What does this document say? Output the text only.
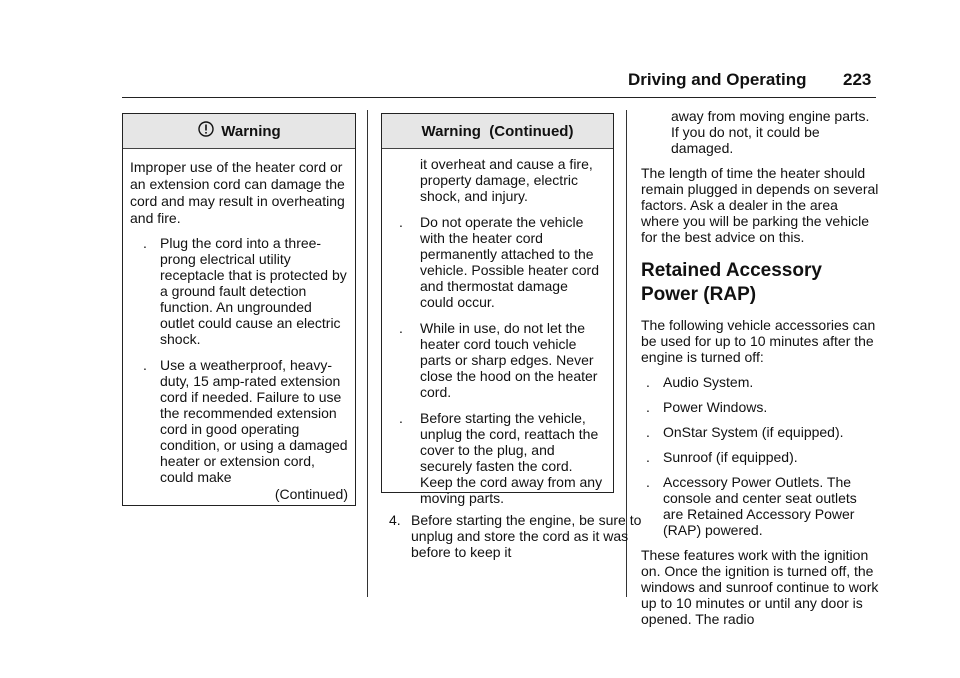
Driving and Operating 223
Warning
Improper use of the heater cord or an extension cord can damage the cord and may result in overheating and fire.
. Plug the cord into a three-prong electrical utility receptacle that is protected by a ground fault detection function. An ungrounded outlet could cause an electric shock.
. Use a weatherproof, heavy-duty, 15 amp-rated extension cord if needed. Failure to use the recommended extension cord in good operating condition, or using a damaged heater or extension cord, could make
(Continued)
Warning  (Continued)
it overheat and cause a fire, property damage, electric shock, and injury.
.	Do not operate the vehicle with the heater cord permanently attached to the vehicle. Possible heater cord and thermostat damage could occur.
.	While in use, do not let the heater cord touch vehicle parts or sharp edges. Never close the hood on the heater cord.
.	Before starting the vehicle, unplug the cord, reattach the cover to the plug, and securely fasten the cord. Keep the cord away from any moving parts.
4. Before starting the engine, be sure to unplug and store the cord as it was before to keep it
away from moving engine parts. If you do not, it could be damaged.
The length of time the heater should remain plugged in depends on several factors. Ask a dealer in the area where you will be parking the vehicle for the best advice on this.
Retained Accessory Power (RAP)
The following vehicle accessories can be used for up to 10 minutes after the engine is turned off:
. Audio System.
. Power Windows.
. OnStar System (if equipped).
. Sunroof (if equipped).
. Accessory Power Outlets. The console and center seat outlets are Retained Accessory Power (RAP) powered.
These features work with the ignition on. Once the ignition is turned off, the windows and sunroof continue to work up to 10 minutes or until any door is opened. The radio
